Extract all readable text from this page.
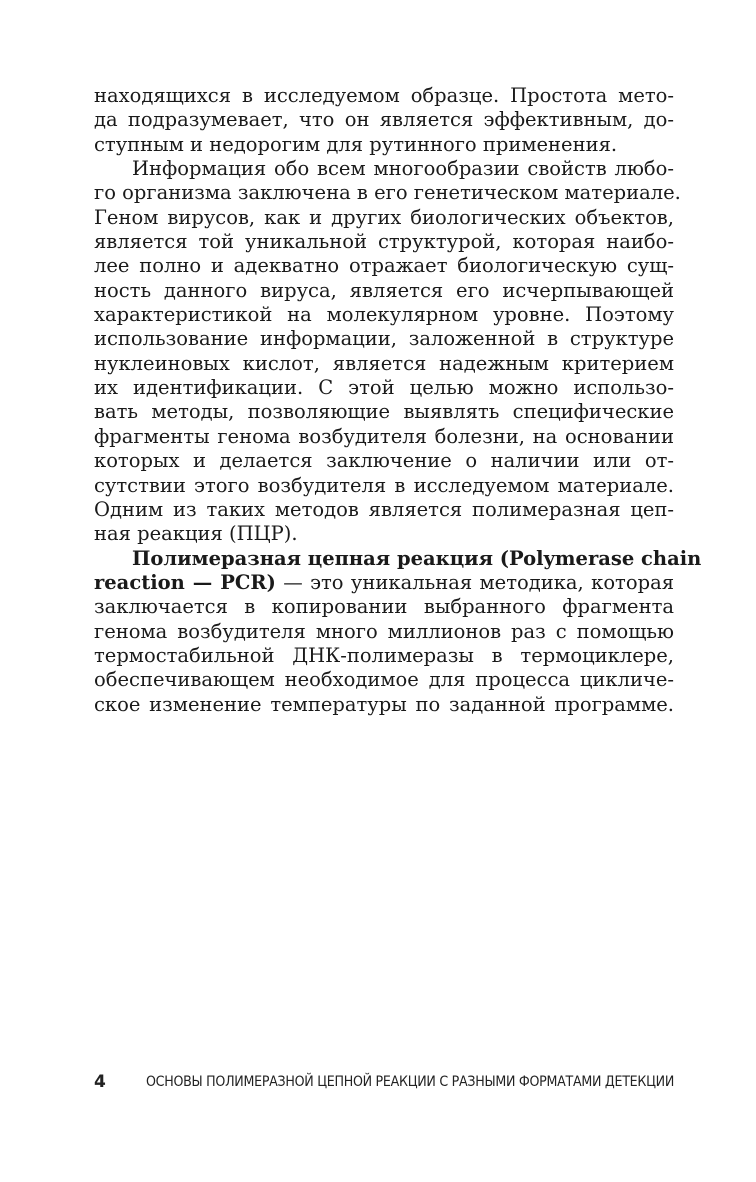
находящихся в исследуемом образце. Простота мето-
да подразумевает, что он является эффективным, до-
ступным и недорогим для рутинного применения.
Информация обо всем многообразии свойств любо-
го организма заключена в его генетическом материале.
Геном вирусов, как и других биологических объектов,
является той уникальной структурой, которая наибо-
лее полно и адекватно отражает биологическую сущ-
ность данного вируса, является его исчерпывающей
характеристикой на молекулярном уровне. Поэтому
использование информации, заложенной в структуре
нуклеиновых кислот, является надежным критерием
их идентификации. С этой целью можно использо-
вать методы, позволяющие выявлять специфические
фрагменты генома возбудителя болезни, на основании
которых и делается заключение о наличии или от-
сутствии этого возбудителя в исследуемом материале.
Одним из таких методов является полимеразная цеп-
ная реакция (ПЦР).
Полимеразная цепная реакция (Polymerase chain
reaction — PCR) — это уникальная методика, которая
заключается в копировании выбранного фрагмента
генома возбудителя много миллионов раз с помощью
термостабильной ДНК-полимеразы в термоциклере,
обеспечивающем необходимое для процесса цикличе-
ское изменение температуры по заданной программе.
4	ОСНОВЫ ПОЛИМЕРАЗНОЙ ЦЕПНОЙ РЕАКЦИИ С РАЗНЫМИ ФОРМАТАМИ ДЕТЕКЦИИ
